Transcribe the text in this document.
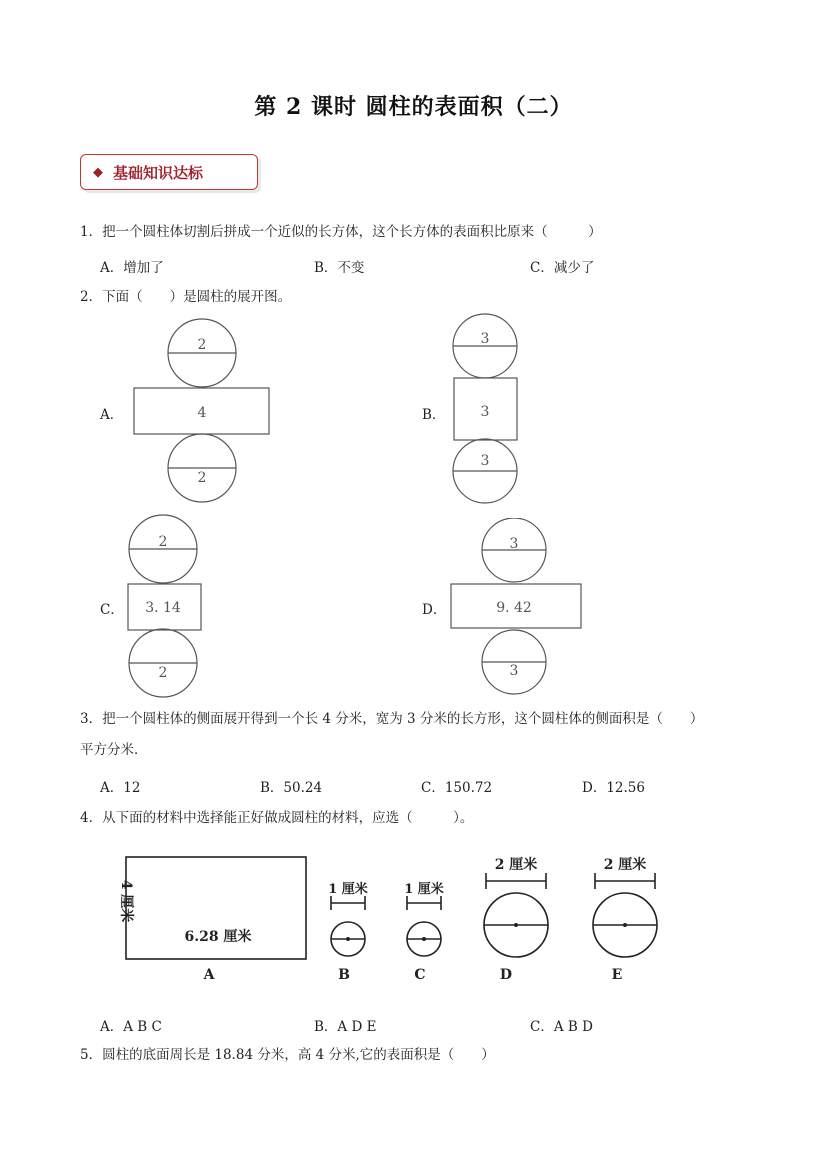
第 2 课时 圆柱的表面积（二）
◆ 基础知识达标
1．把一个圆柱体切割后拼成一个近似的长方体，这个长方体的表面积比原来（　　　）
A．增加了	B．不变	C．减少了
2．下面（　　）是圆柱的展开图。
A．
2
4
2
B．
3
3
3
C．
2
3. 14
2
D．
3
9. 42
3
3．把一个圆柱体的侧面展开得到一个长 4 分米，宽为 3 分米的长方形，这个圆柱体的侧面积是（　　）
平方分米．
A．12	B．50.24	C．150.72	D．12.56
4．从下面的材料中选择能正好做成圆柱的材料，应选（　　　）。
4 厘米
6.28 厘米
1 厘米	1 厘米
2 厘米	2 厘米
A	B	C	D	E
A．A B C	B．A D E	C．A B D
5．圆柱的底面周长是 18.84 分米，高 4 分米,它的表面积是（　　）
